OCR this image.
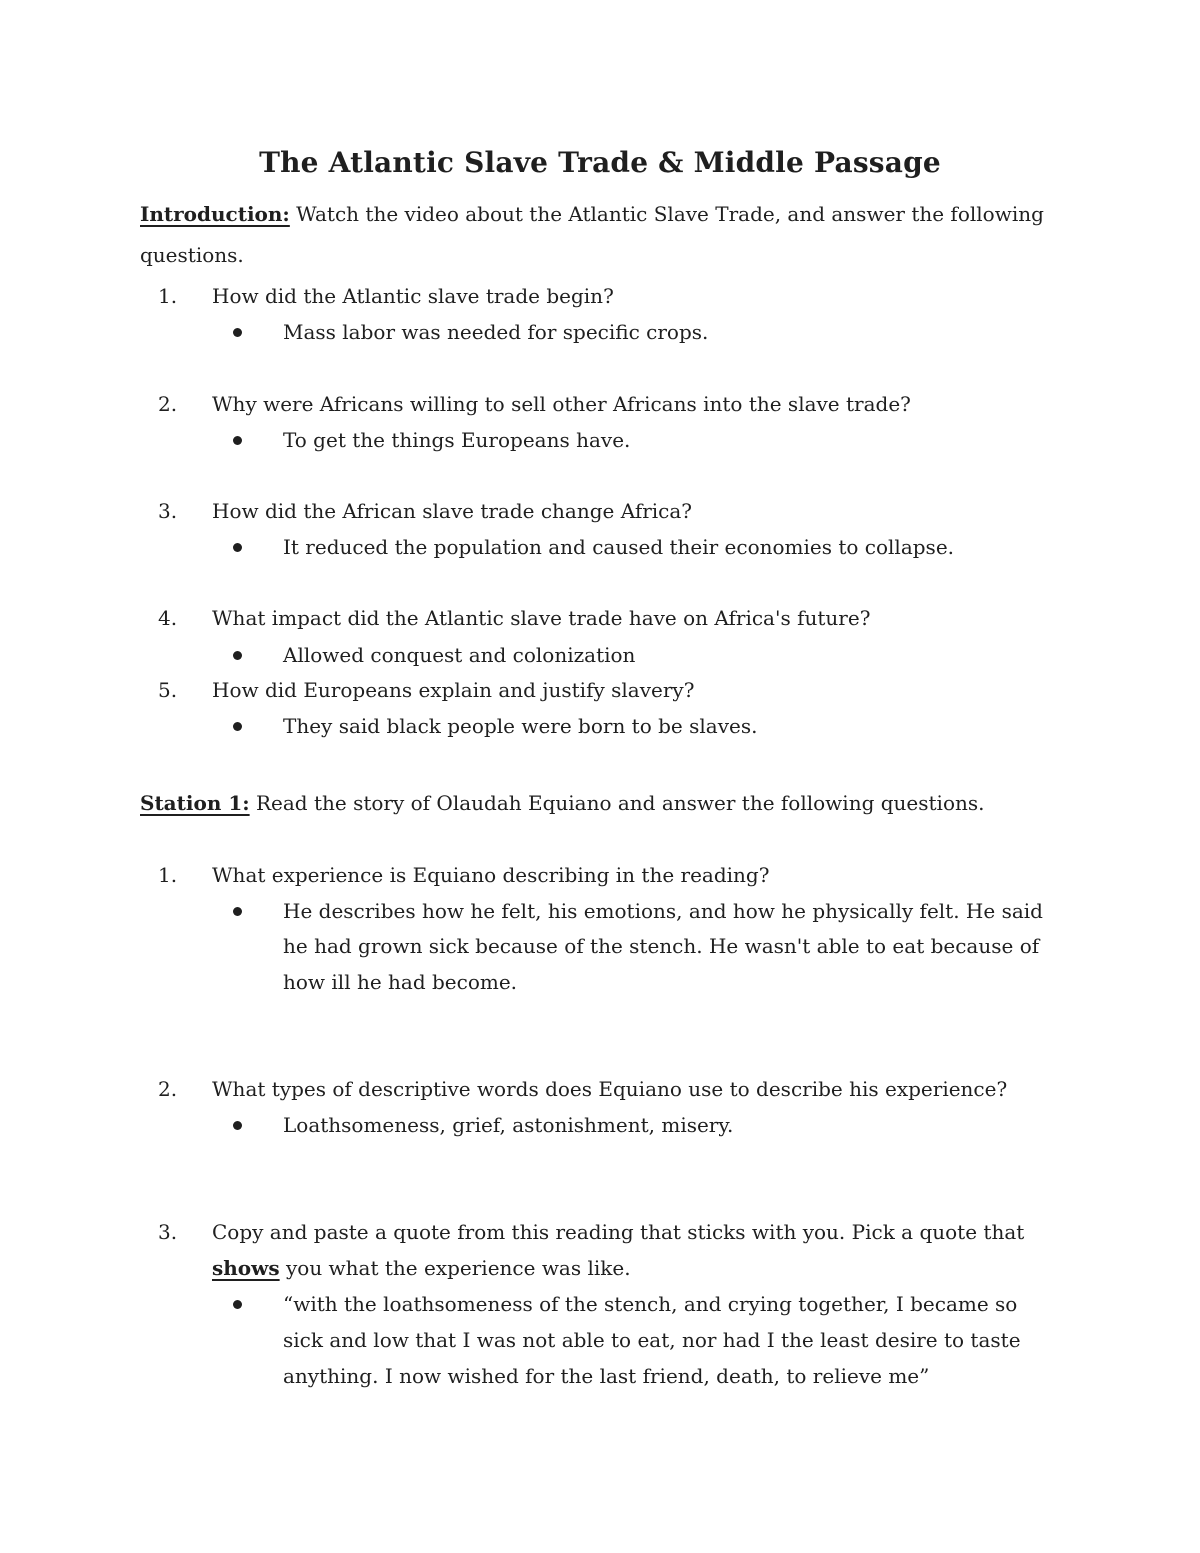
The Atlantic Slave Trade & Middle Passage
Introduction: Watch the video about the Atlantic Slave Trade, and answer the following
questions.
1.	How did the Atlantic slave trade begin?
Mass labor was needed for specific crops.
2.	Why were Africans willing to sell other Africans into the slave trade?
To get the things Europeans have.
3.	How did the African slave trade change Africa?
It reduced the population and caused their economies to collapse.
4.	What impact did the Atlantic slave trade have on Africa's future?
Allowed conquest and colonization
5.	How did Europeans explain and justify slavery?
They said black people were born to be slaves.
Station 1: Read the story of Olaudah Equiano and answer the following questions.
1.	What experience is Equiano describing in the reading?
He describes how he felt, his emotions, and how he physically felt. He said
he had grown sick because of the stench. He wasn't able to eat because of
how ill he had become.
2.	What types of descriptive words does Equiano use to describe his experience?
Loathsomeness, grief, astonishment, misery.
3.	Copy and paste a quote from this reading that sticks with you. Pick a quote that
shows you what the experience was like.
“with the loathsomeness of the stench, and crying together, I became so
sick and low that I was not able to eat, nor had I the least desire to taste
anything. I now wished for the last friend, death, to relieve me”
